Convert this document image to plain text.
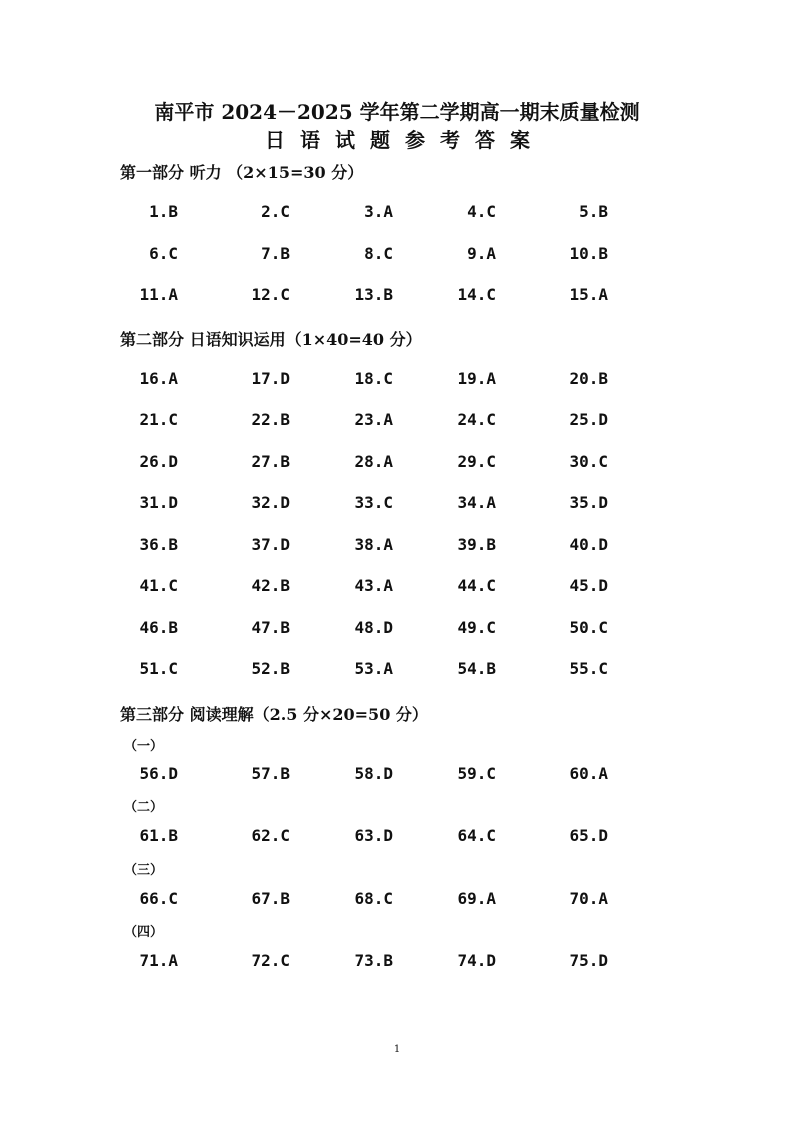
南平市 2024－2025 学年第二学期高一期末质量检测
日语试题参考答案
第一部分 听力 （2×15=30 分）
1.B	2.C	3.A	4.C	5.B
6.C	7.B	8.C	9.A	10.B
11.A	12.C	13.B	14.C	15.A
第二部分 日语知识运用（1×40=40 分）
16.A	17.D	18.C	19.A	20.B
21.C	22.B	23.A	24.C	25.D
26.D	27.B	28.A	29.C	30.C
31.D	32.D	33.C	34.A	35.D
36.B	37.D	38.A	39.B	40.D
41.C	42.B	43.A	44.C	45.D
46.B	47.B	48.D	49.C	50.C
51.C	52.B	53.A	54.B	55.C
第三部分 阅读理解（2.5 分×20=50 分）
（一）
56.D	57.B	58.D	59.C	60.A
（二）
61.B	62.C	63.D	64.C	65.D
（三）
66.C	67.B	68.C	69.A	70.A
（四）
71.A	72.C	73.B	74.D	75.D
1
